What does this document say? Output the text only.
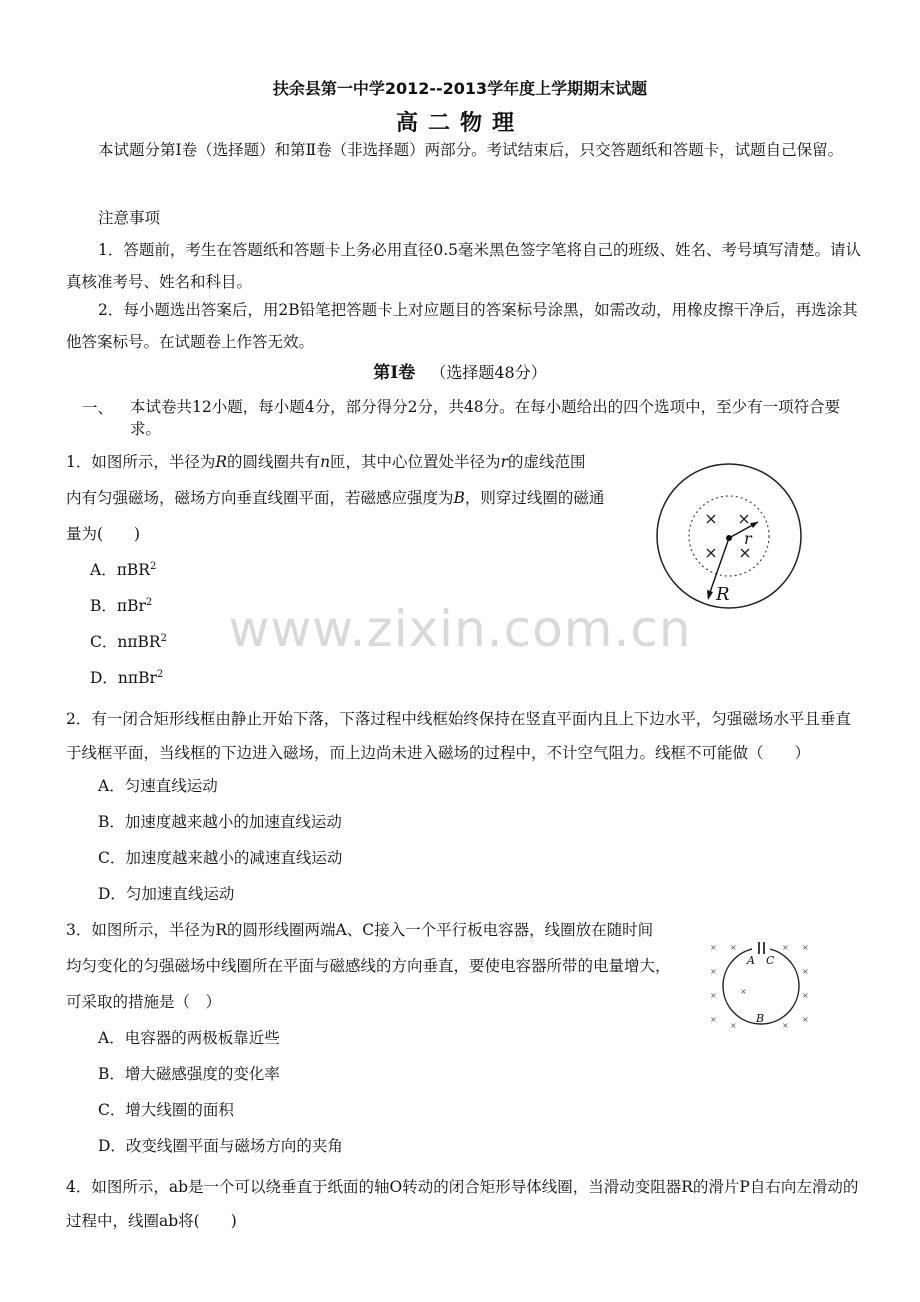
扶余县第一中学2012--2013学年度上学期期末试题
高二物理
本试题分第Ⅰ卷（选择题）和第Ⅱ卷（非选择题）两部分。考试结束后，只交答题纸和答题卡，试题自己保留。
注意事项
1．答题前，考生在答题纸和答题卡上务必用直径0.5毫米黑色签字笔将自己的班级、姓名、考号填写清楚。请认真核准考号、姓名和科目。
2．每小题选出答案后，用2B铅笔把答题卡上对应题目的答案标号涂黑，如需改动，用橡皮擦干净后，再选涂其他答案标号。在试题卷上作答无效。
第Ⅰ卷 （选择题48分）
一、 本试卷共12小题，每小题4分，部分得分2分，共48分。在每小题给出的四个选项中，至少有一项符合要求。
1．如图所示，半径为R的圆线圈共有n匝，其中心位置处半径为r的虚线范围
内有匀强磁场，磁场方向垂直线圈平面，若磁感应强度为B，则穿过线圈的磁通
量为(　　)
A．πBR$^2$
B．πBr$^2$
C．nπBR$^2$
D．nπBr$^2$
r
R
www.zixin.com.cn
2．有一闭合矩形线框由静止开始下落，下落过程中线框始终保持在竖直平面内且上下边水平，匀强磁场水平且垂直于线框平面，当线框的下边进入磁场，而上边尚未进入磁场的过程中，不计空气阻力。线框不可能做（　　）
A．匀速直线运动
B．加速度越来越小的加速直线运动
C．加速度越来越小的减速直线运动
D．匀加速直线运动
3．如图所示，半径为R的圆形线圈两端A、C接入一个平行板电容器，线圈放在随时间
均匀变化的匀强磁场中线圈所在平面与磁感线的方向垂直，要使电容器所带的电量增大，
可采取的措施是（　）
A．电容器的两极板靠近些
B．增大磁感强度的变化率
C．增大线圈的面积
D．改变线圈平面与磁场方向的夹角
× ×	× ×
×	×
×	×	×
×
×	×
×
A C
B
4．如图所示，ab是一个可以绕垂直于纸面的轴O转动的闭合矩形导体线圈，当滑动变阻器R的滑片P自右向左滑动的过程中，线圈ab将(　　)
